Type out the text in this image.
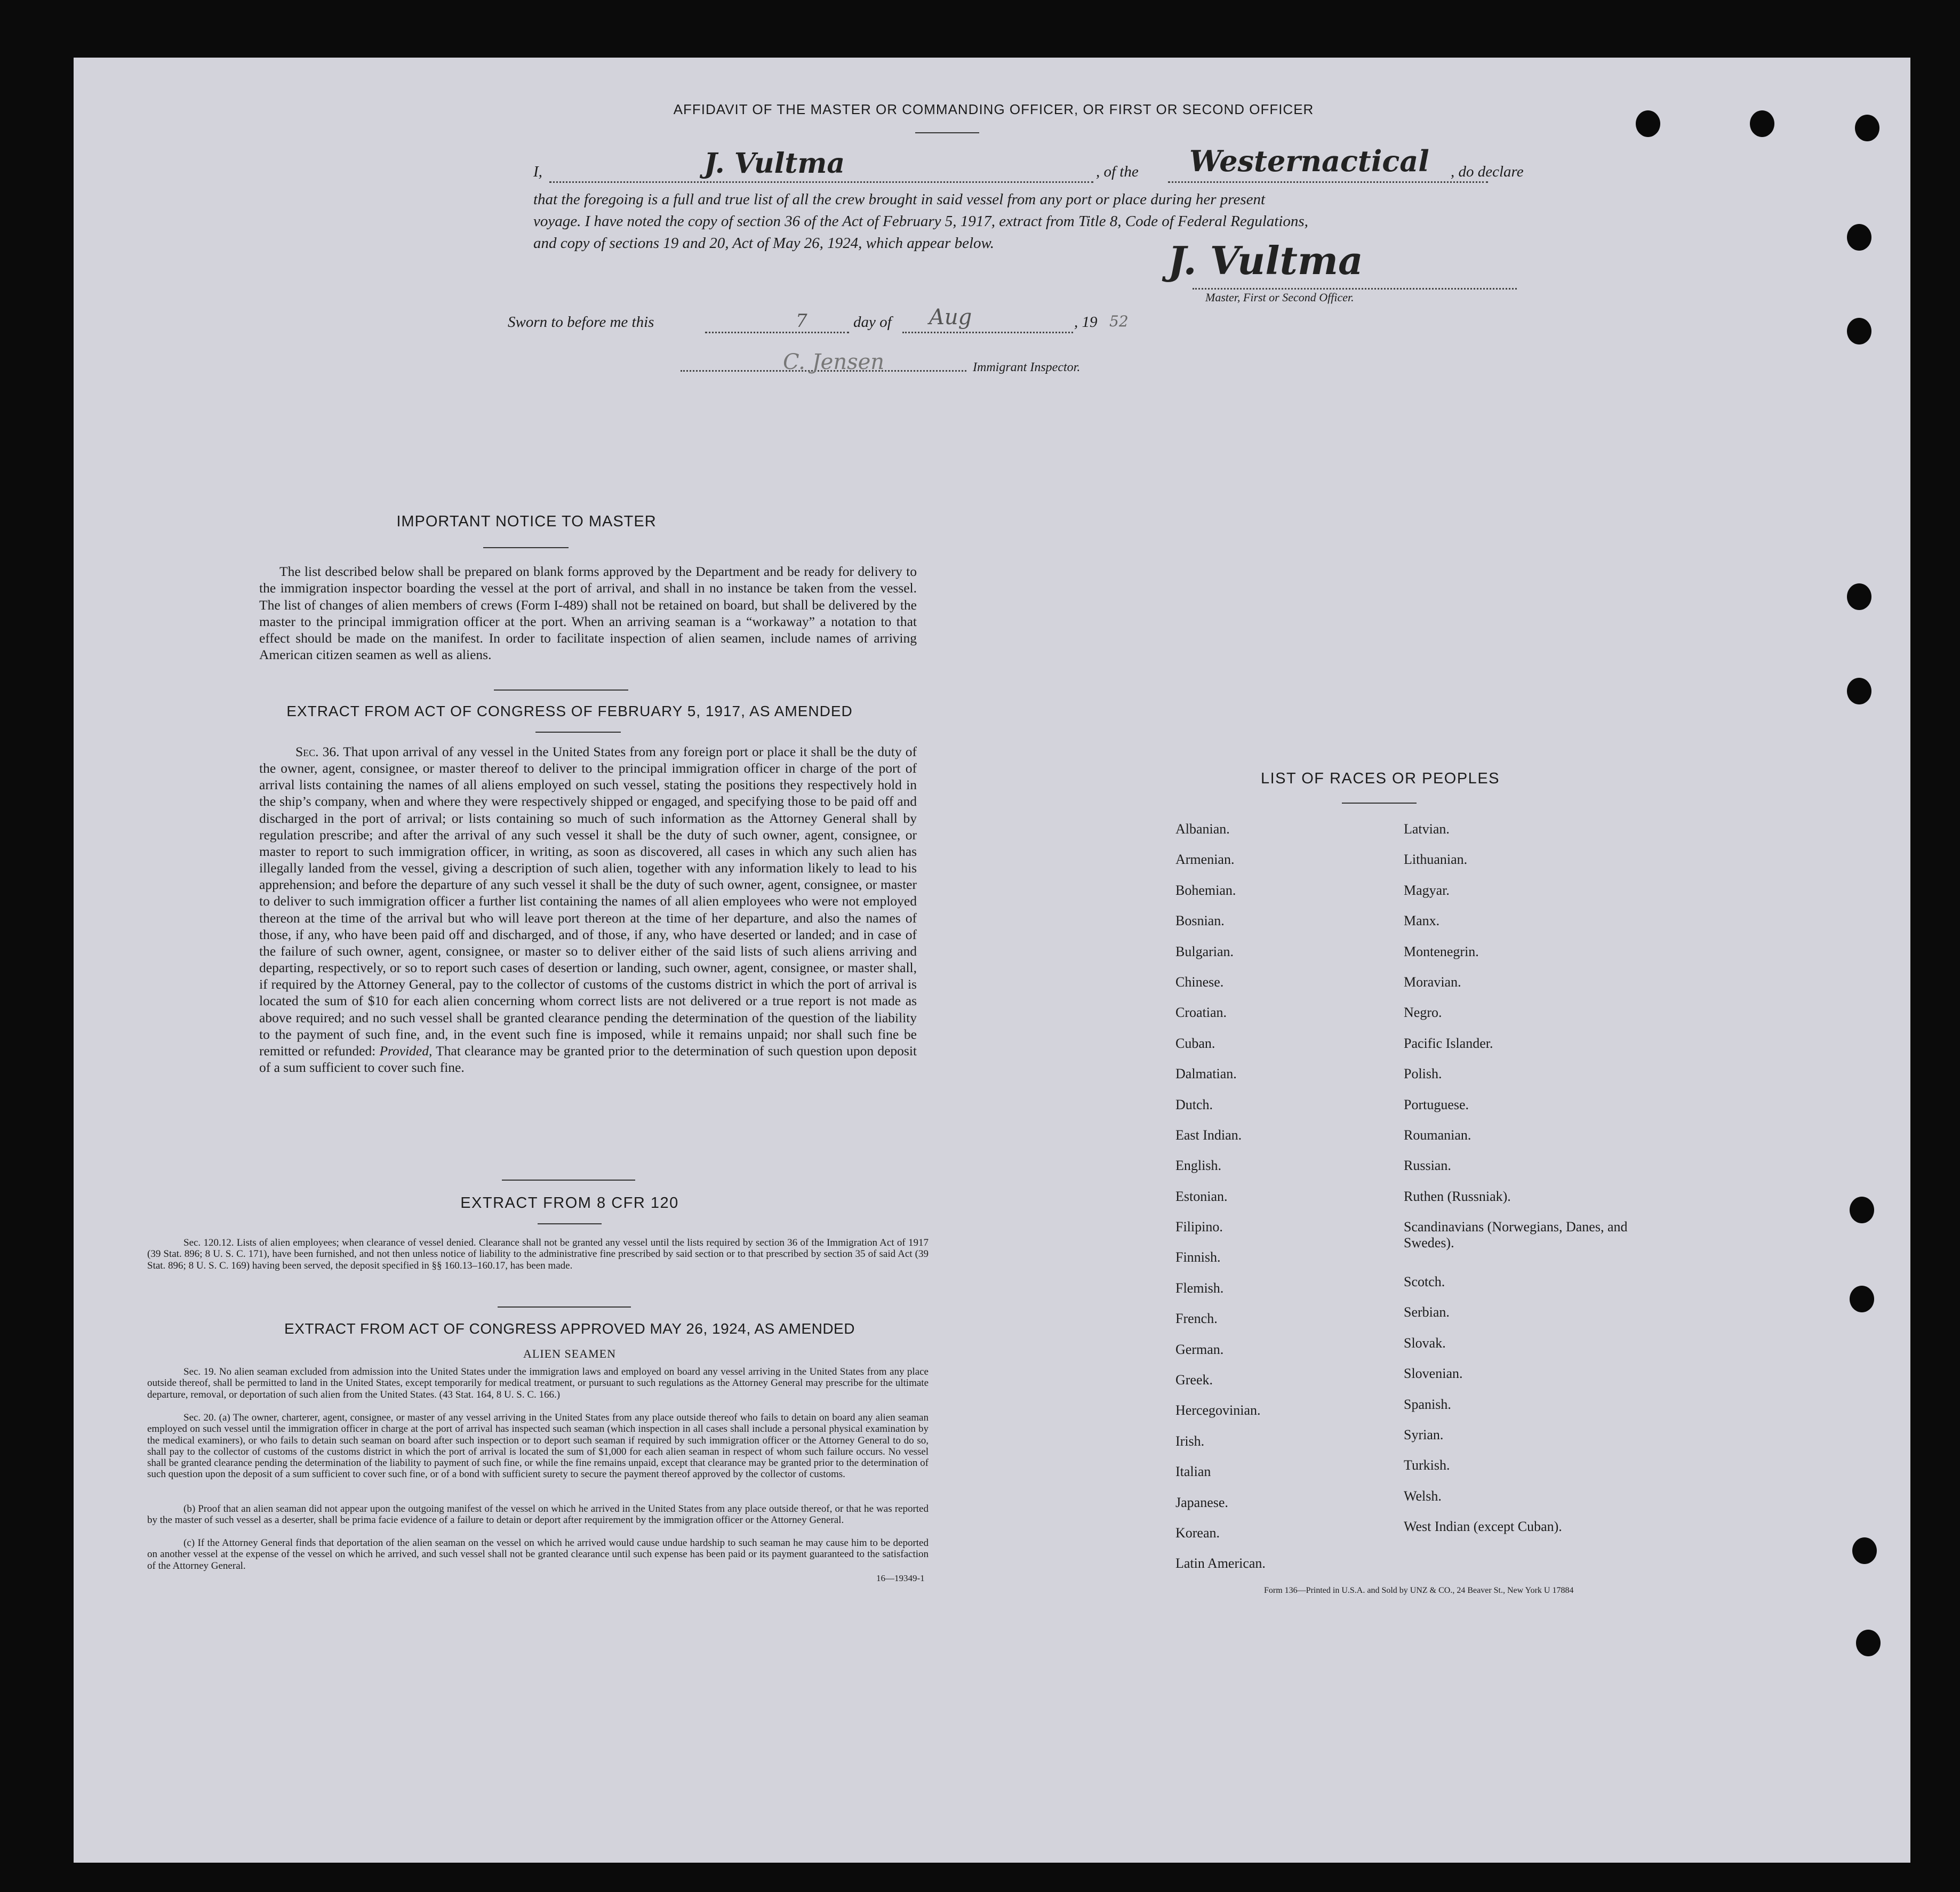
AFFIDAVIT OF THE MASTER OR COMMANDING OFFICER, OR FIRST OR SECOND OFFICER
I,	J. Vultma	, of the Westernactical , do declare
that the foregoing is a full and true list of all the crew brought in said vessel from any port or place during her present
voyage. I have noted the copy of section 36 of the Act of February 5, 1917, extract from Title 8, Code of Federal Regulations,
and copy of sections 19 and 20, Act of May 26, 1924, which appear below.	J. Vultma
Master, First or Second Officer.
Sworn to before me this	7	day of Aug	, 19 52
C. Jensen	Immigrant Inspector.
IMPORTANT NOTICE TO MASTER
The list described below shall be prepared on blank forms approved by the Department and be ready for delivery to the immigration inspector boarding the vessel at the port of arrival, and shall in no instance be taken from the vessel. The list of changes of alien members of crews (Form I-489) shall not be retained on board, but shall be delivered by the master to the principal immigration officer at the port. When an arriving seaman is a “workaway” a notation to that effect should be made on the manifest. In order to facilitate inspection of alien seamen, include names of arriving American citizen seamen as well as aliens.
EXTRACT FROM ACT OF CONGRESS OF FEBRUARY 5, 1917, AS AMENDED
Sec. 36. That upon arrival of any vessel in the United States from any foreign port or place it shall be the duty of the owner, agent, consignee, or master thereof to deliver to the principal immigration officer in charge of the port of arrival lists containing the names of all aliens employed on such vessel, stating the positions they respectively hold in the ship’s company, when and where they were respectively shipped or engaged, and specifying those to be paid off and discharged in the port of arrival; or lists containing so much of such information as the Attorney General shall by regulation prescribe; and after the arrival of any such vessel it shall be the duty of such owner, agent, consignee, or master to report to such immigration officer, in writing, as soon as discovered, all cases in which any such alien has illegally landed from the vessel, giving a description of such alien, together with any information likely to lead to his apprehension; and before the departure of any such vessel it shall be the duty of such owner, agent, consignee, or master to deliver to such immigration officer a further list containing the names of all alien employees who were not employed thereon at the time of the arrival but who will leave port thereon at the time of her departure, and also the names of those, if any, who have been paid off and discharged, and of those, if any, who have deserted or landed; and in case of the failure of such owner, agent, consignee, or master so to deliver either of the said lists of such aliens arriving and departing, respectively, or so to report such cases of desertion or landing, such owner, agent, consignee, or master shall, if required by the Attorney General, pay to the collector of customs of the customs district in which the port of arrival is located the sum of $10 for each alien concerning whom correct lists are not delivered or a true report is not made as above required; and no such vessel shall be granted clearance pending the determination of the question of the liability to the payment of such fine, and, in the event such fine is imposed, while it remains unpaid; nor shall such fine be remitted or refunded: Provided, That clearance may be granted prior to the determination of such question upon deposit of a sum sufficient to cover such fine.
EXTRACT FROM 8 CFR 120
Sec. 120.12. Lists of alien employees; when clearance of vessel denied. Clearance shall not be granted any vessel until the lists required by section 36 of the Immigration Act of 1917 (39 Stat. 896; 8 U. S. C. 171), have been furnished, and not then unless notice of liability to the administrative fine prescribed by said section or to that prescribed by section 35 of said Act (39 Stat. 896; 8 U. S. C. 169) having been served, the deposit specified in §§ 160.13–160.17, has been made.
EXTRACT FROM ACT OF CONGRESS APPROVED MAY 26, 1924, AS AMENDED
ALIEN SEAMEN
Sec. 19. No alien seaman excluded from admission into the United States under the immigration laws and employed on board any vessel arriving in the United States from any place outside thereof, shall be permitted to land in the United States, except temporarily for medical treatment, or pursuant to such regulations as the Attorney General may prescribe for the ultimate departure, removal, or deportation of such alien from the United States. (43 Stat. 164, 8 U. S. C. 166.)
Sec. 20. (a) The owner, charterer, agent, consignee, or master of any vessel arriving in the United States from any place outside thereof who fails to detain on board any alien seaman employed on such vessel until the immigration officer in charge at the port of arrival has inspected such seaman (which inspection in all cases shall include a personal physical examination by the medical examiners), or who fails to detain such seaman on board after such inspection or to deport such seaman if required by such immigration officer or the Attorney General to do so, shall pay to the collector of customs of the customs district in which the port of arrival is located the sum of $1,000 for each alien seaman in respect of whom such failure occurs. No vessel shall be granted clearance pending the determination of the liability to payment of such fine, or while the fine remains unpaid, except that clearance may be granted prior to the determination of such question upon the deposit of a sum sufficient to cover such fine, or of a bond with sufficient surety to secure the payment thereof approved by the collector of customs.
(b) Proof that an alien seaman did not appear upon the outgoing manifest of the vessel on which he arrived in the United States from any place outside thereof, or that he was reported by the master of such vessel as a deserter, shall be prima facie evidence of a failure to detain or deport after requirement by the immigration officer or the Attorney General.
(c) If the Attorney General finds that deportation of the alien seaman on the vessel on which he arrived would cause undue hardship to such seaman he may cause him to be deported on another vessel at the expense of the vessel on which he arrived, and such vessel shall not be granted clearance until such expense has been paid or its payment guaranteed to the satisfaction of the Attorney General.
16—19349-1
LIST OF RACES OR PEOPLES
Albanian.
Armenian.
Bohemian.
Bosnian.
Bulgarian.
Chinese.
Croatian.
Cuban.
Dalmatian.
Dutch.
East Indian.
English.
Estonian.
Filipino.
Finnish.
Flemish.
French.
German.
Greek.
Hercegovinian.
Irish.
Italian
Japanese.
Korean.
Latin American.
Latvian.
Lithuanian.
Magyar.
Manx.
Montenegrin.
Moravian.
Negro.
Pacific Islander.
Polish.
Portuguese.
Roumanian.
Russian.
Ruthen (Russniak).
Scandinavians (Norwegians, Danes, and Swedes).
Scotch.
Serbian.
Slovak.
Slovenian.
Spanish.
Syrian.
Turkish.
Welsh.
West Indian (except Cuban).
Form 136—Printed in U.S.A. and Sold by UNZ & CO., 24 Beaver St., New York U 17884
